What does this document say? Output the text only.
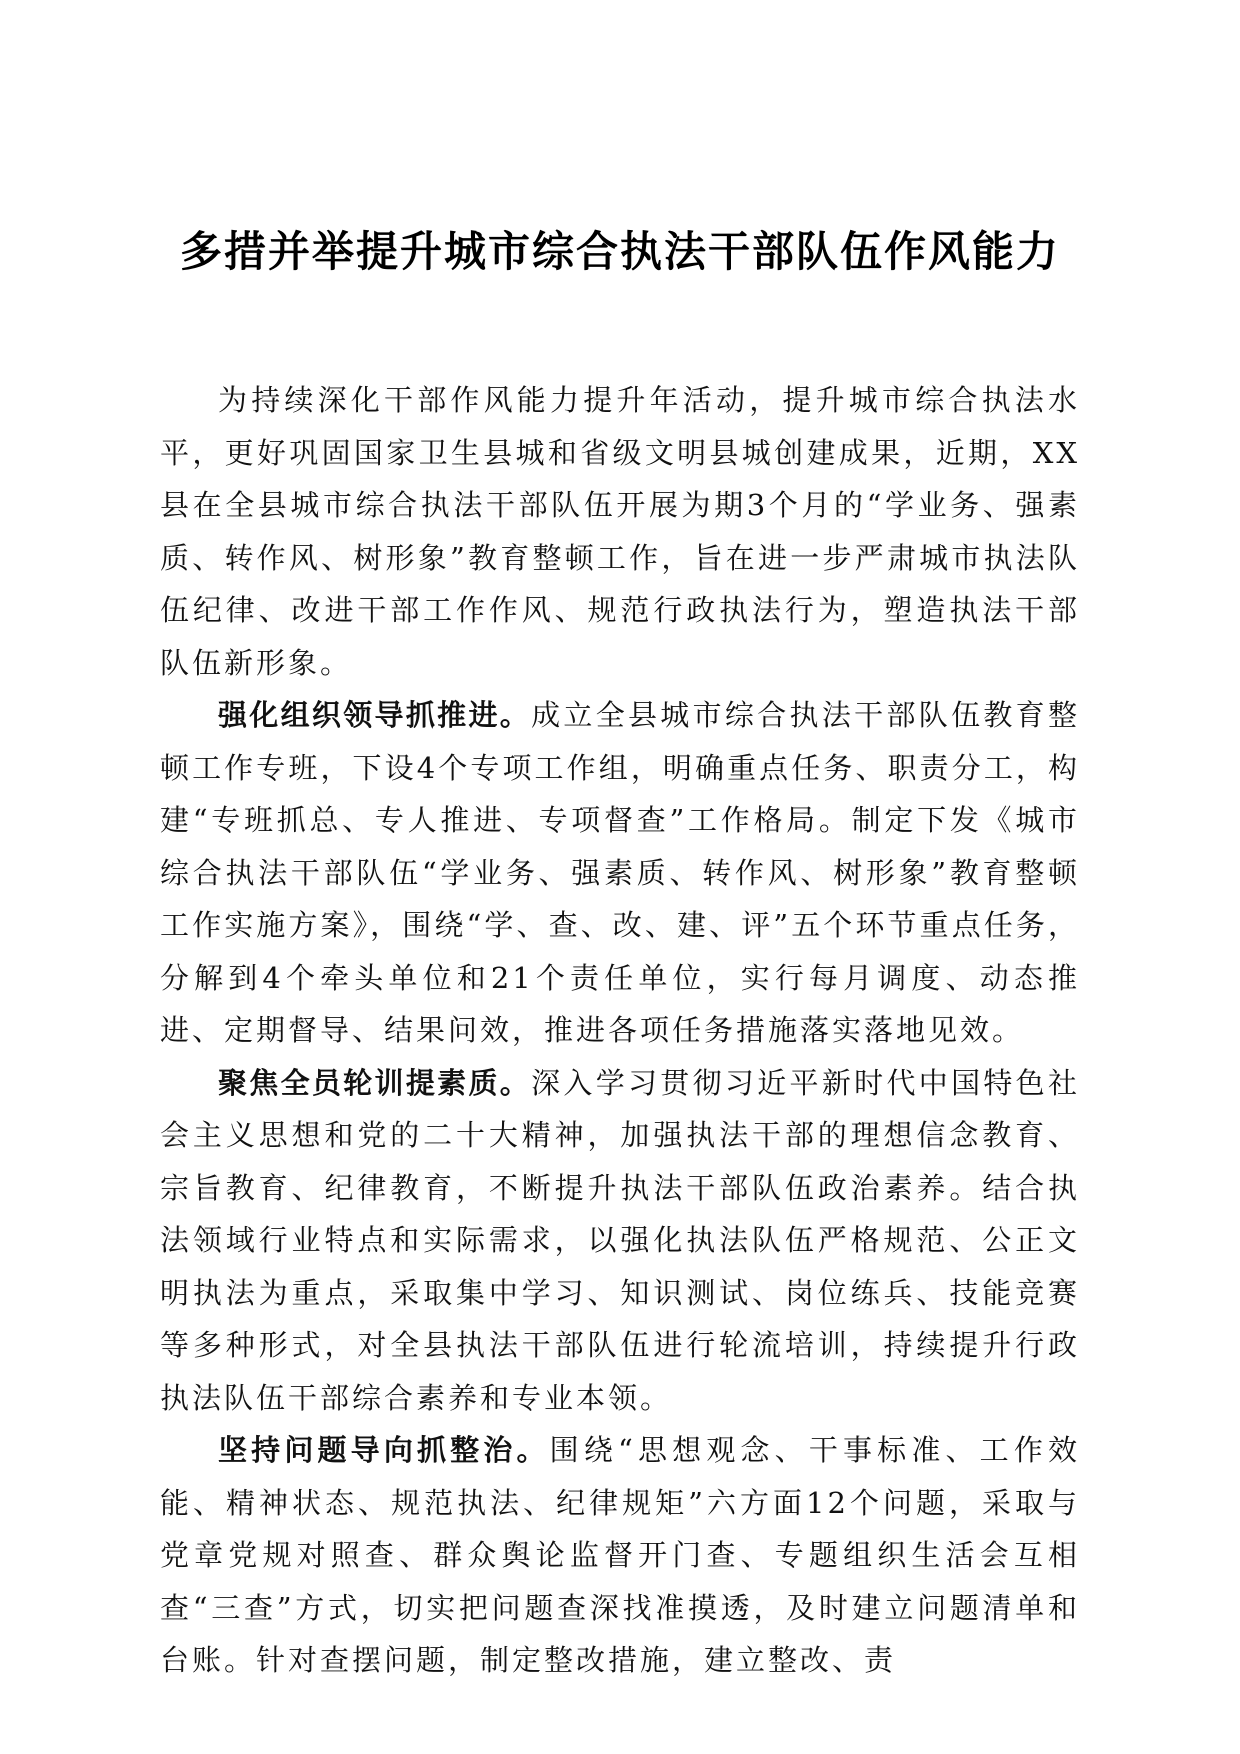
多措并举提升城市综合执法干部队伍作风能力

为持续深化干部作风能力提升年活动，提升城市综合执法水平，更好巩固国家卫生县城和省级文明县城创建成果，近期，XX县在全县城市综合执法干部队伍开展为期3个月的“学业务、强素质、转作风、树形象”教育整顿工作，旨在进一步严肃城市执法队伍纪律、改进干部工作作风、规范行政执法行为，塑造执法干部队伍新形象。

强化组织领导抓推进。成立全县城市综合执法干部队伍教育整顿工作专班，下设4个专项工作组，明确重点任务、职责分工，构建“专班抓总、专人推进、专项督查”工作格局。制定下发《城市综合执法干部队伍“学业务、强素质、转作风、树形象”教育整顿工作实施方案》，围绕“学、查、改、建、评”五个环节重点任务，分解到4个牵头单位和21个责任单位，实行每月调度、动态推进、定期督导、结果问效，推进各项任务措施落实落地见效。

聚焦全员轮训提素质。深入学习贯彻习近平新时代中国特色社会主义思想和党的二十大精神，加强执法干部的理想信念教育、宗旨教育、纪律教育，不断提升执法干部队伍政治素养。结合执法领域行业特点和实际需求，以强化执法队伍严格规范、公正文明执法为重点，采取集中学习、知识测试、岗位练兵、技能竞赛等多种形式，对全县执法干部队伍进行轮流培训，持续提升行政执法队伍干部综合素养和专业本领。

坚持问题导向抓整治。围绕“思想观念、干事标准、工作效能、精神状态、规范执法、纪律规矩”六方面12个问题，采取与党章党规对照查、群众舆论监督开门查、专题组织生活会互相查“三查”方式，切实把问题查深找准摸透，及时建立问题清单和台账。针对查摆问题，制定整改措施，建立整改、责
